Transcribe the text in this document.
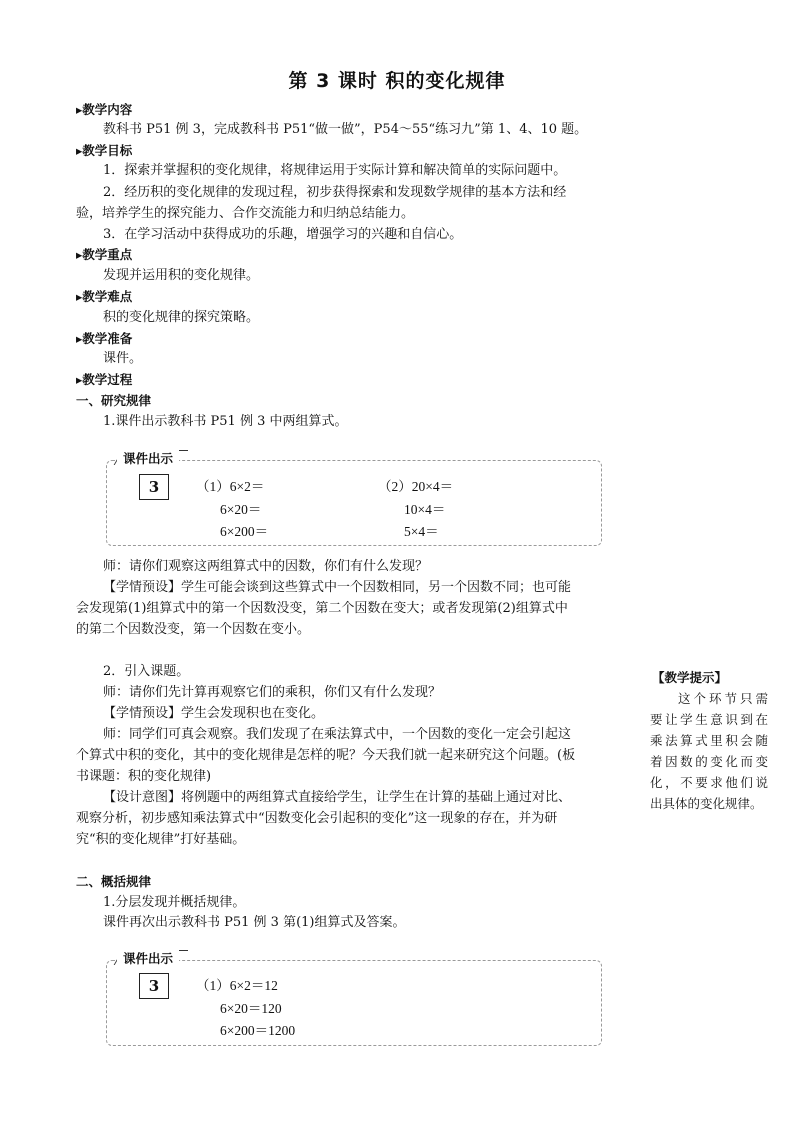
第 3 课时 积的变化规律
▸教学内容
教科书 P51 例 3，完成教科书 P51“做一做”，P54～55“练习九”第 1、4、10 题。
▸教学目标
1．探索并掌握积的变化规律，将规律运用于实际计算和解决简单的实际问题中。
2．经历积的变化规律的发现过程，初步获得探索和发现数学规律的基本方法和经
验，培养学生的探究能力、合作交流能力和归纳总结能力。
3．在学习活动中获得成功的乐趣，增强学习的兴趣和自信心。
▸教学重点
发现并运用积的变化规律。
▸教学难点
积的变化规律的探究策略。
▸教学准备
课件。
▸教学过程
一、研究规律
1.课件出示教科书 P51 例 3 中两组算式。
课件出示
3	（1）6×2＝
6×20＝
6×200＝
（2）20×4＝
10×4＝
5×4＝
师：请你们观察这两组算式中的因数，你们有什么发现？
【学情预设】学生可能会谈到这些算式中一个因数相同，另一个因数不同；也可能
会发现第(1)组算式中的第一个因数没变，第二个因数在变大；或者发现第(2)组算式中
的第二个因数没变，第一个因数在变小。
2．引入课题。
师：请你们先计算再观察它们的乘积，你们又有什么发现？
【学情预设】学生会发现积也在变化。
师：同学们可真会观察。我们发现了在乘法算式中，一个因数的变化一定会引起这
个算式中积的变化，其中的变化规律是怎样的呢？今天我们就一起来研究这个问题。(板
书课题：积的变化规律)
【设计意图】将例题中的两组算式直接给学生，让学生在计算的基础上通过对比、
观察分析，初步感知乘法算式中“因数变化会引起积的变化”这一现象的存在，并为研
究“积的变化规律”打好基础。
二、概括规律
1.分层发现并概括规律。
课件再次出示教科书 P51 例 3 第(1)组算式及答案。
课件出示
3	（1）6×2＝12
6×20＝120
6×200＝1200
【教学提示】
这个环节只需
要让学生意识到在
乘法算式里积会随
着因数的变化而变
化，不要求他们说
出具体的变化规律。
